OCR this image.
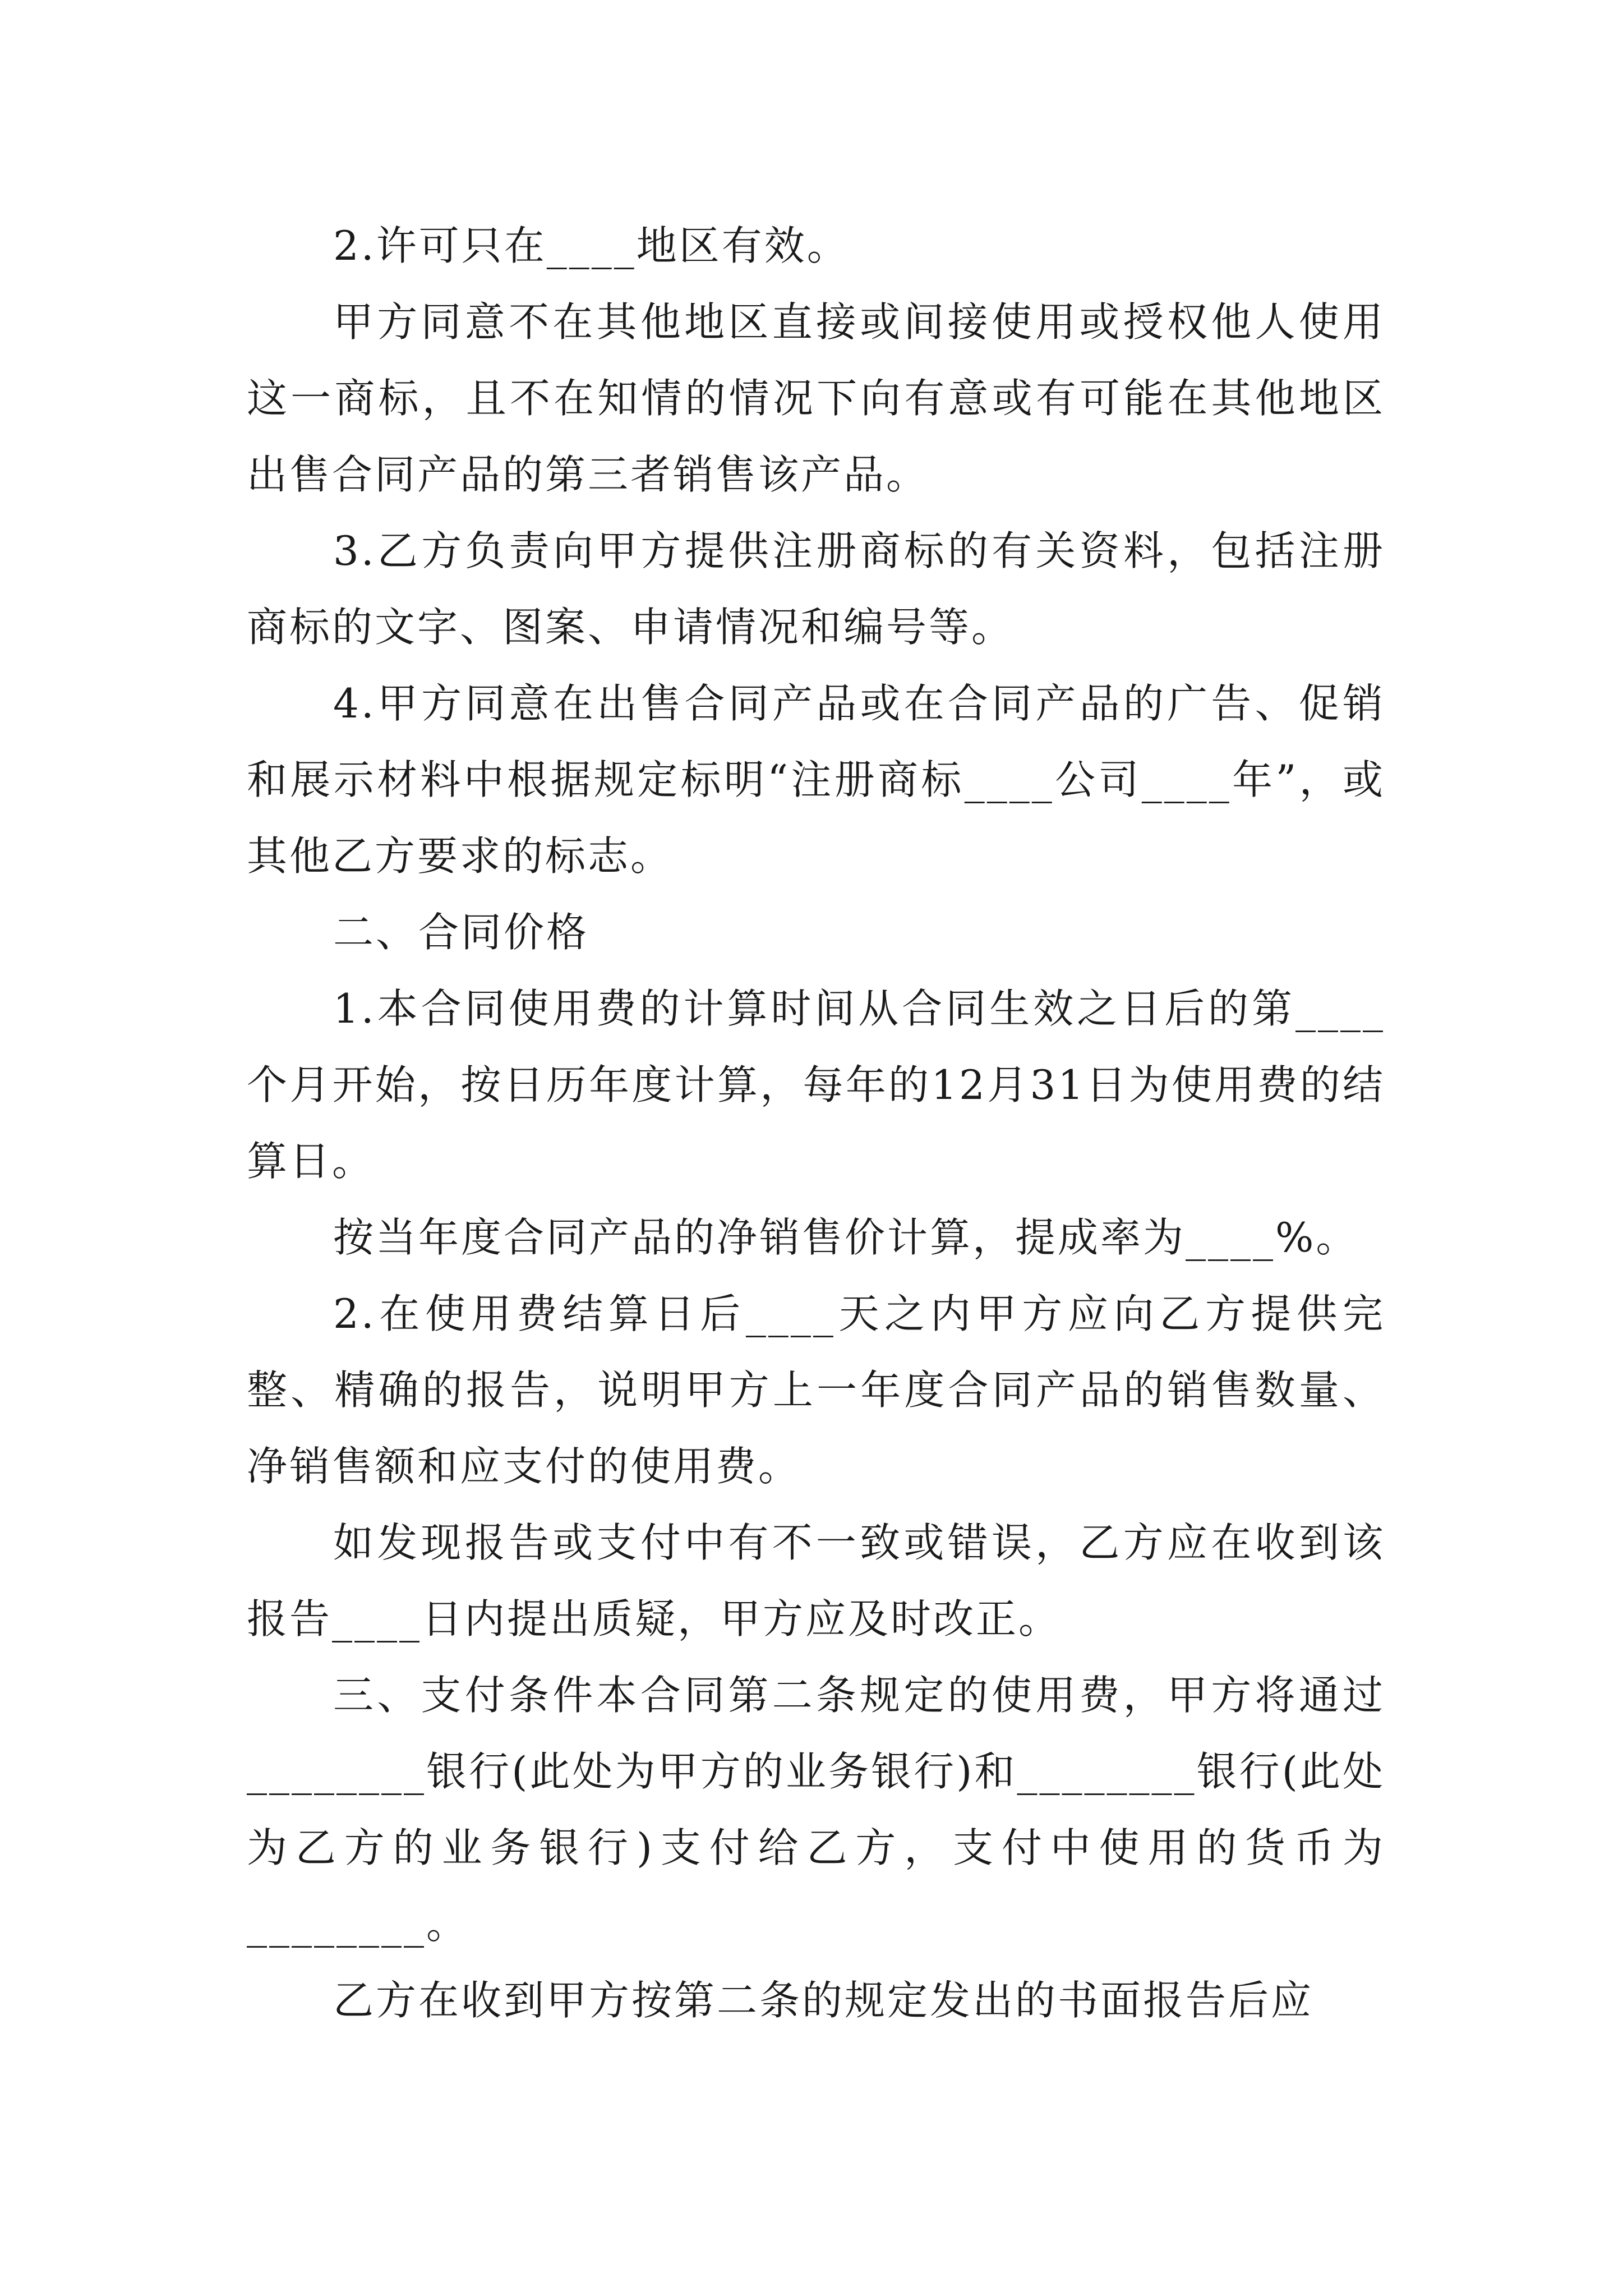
2.许可只在____地区有效。

甲方同意不在其他地区直接或间接使用或授权他人使用这一商标，且不在知情的情况下向有意或有可能在其他地区出售合同产品的第三者销售该产品。

3.乙方负责向甲方提供注册商标的有关资料，包括注册商标的文字、图案、申请情况和编号等。

4.甲方同意在出售合同产品或在合同产品的广告、促销和展示材料中根据规定标明“注册商标____公司____年”，或其他乙方要求的标志。

二、合同价格

1.本合同使用费的计算时间从合同生效之日后的第____个月开始，按日历年度计算，每年的12月31日为使用费的结算日。

按当年度合同产品的净销售价计算，提成率为____%。

2.在使用费结算日后____天之内甲方应向乙方提供完整、精确的报告，说明甲方上一年度合同产品的销售数量、净销售额和应支付的使用费。

如发现报告或支付中有不一致或错误，乙方应在收到该报告____日内提出质疑，甲方应及时改正。

三、支付条件本合同第二条规定的使用费，甲方将通过________银行(此处为甲方的业务银行)和________银行(此处为乙方的业务银行)支付给乙方，支付中使用的货币为________。

乙方在收到甲方按第二条的规定发出的书面报告后应
